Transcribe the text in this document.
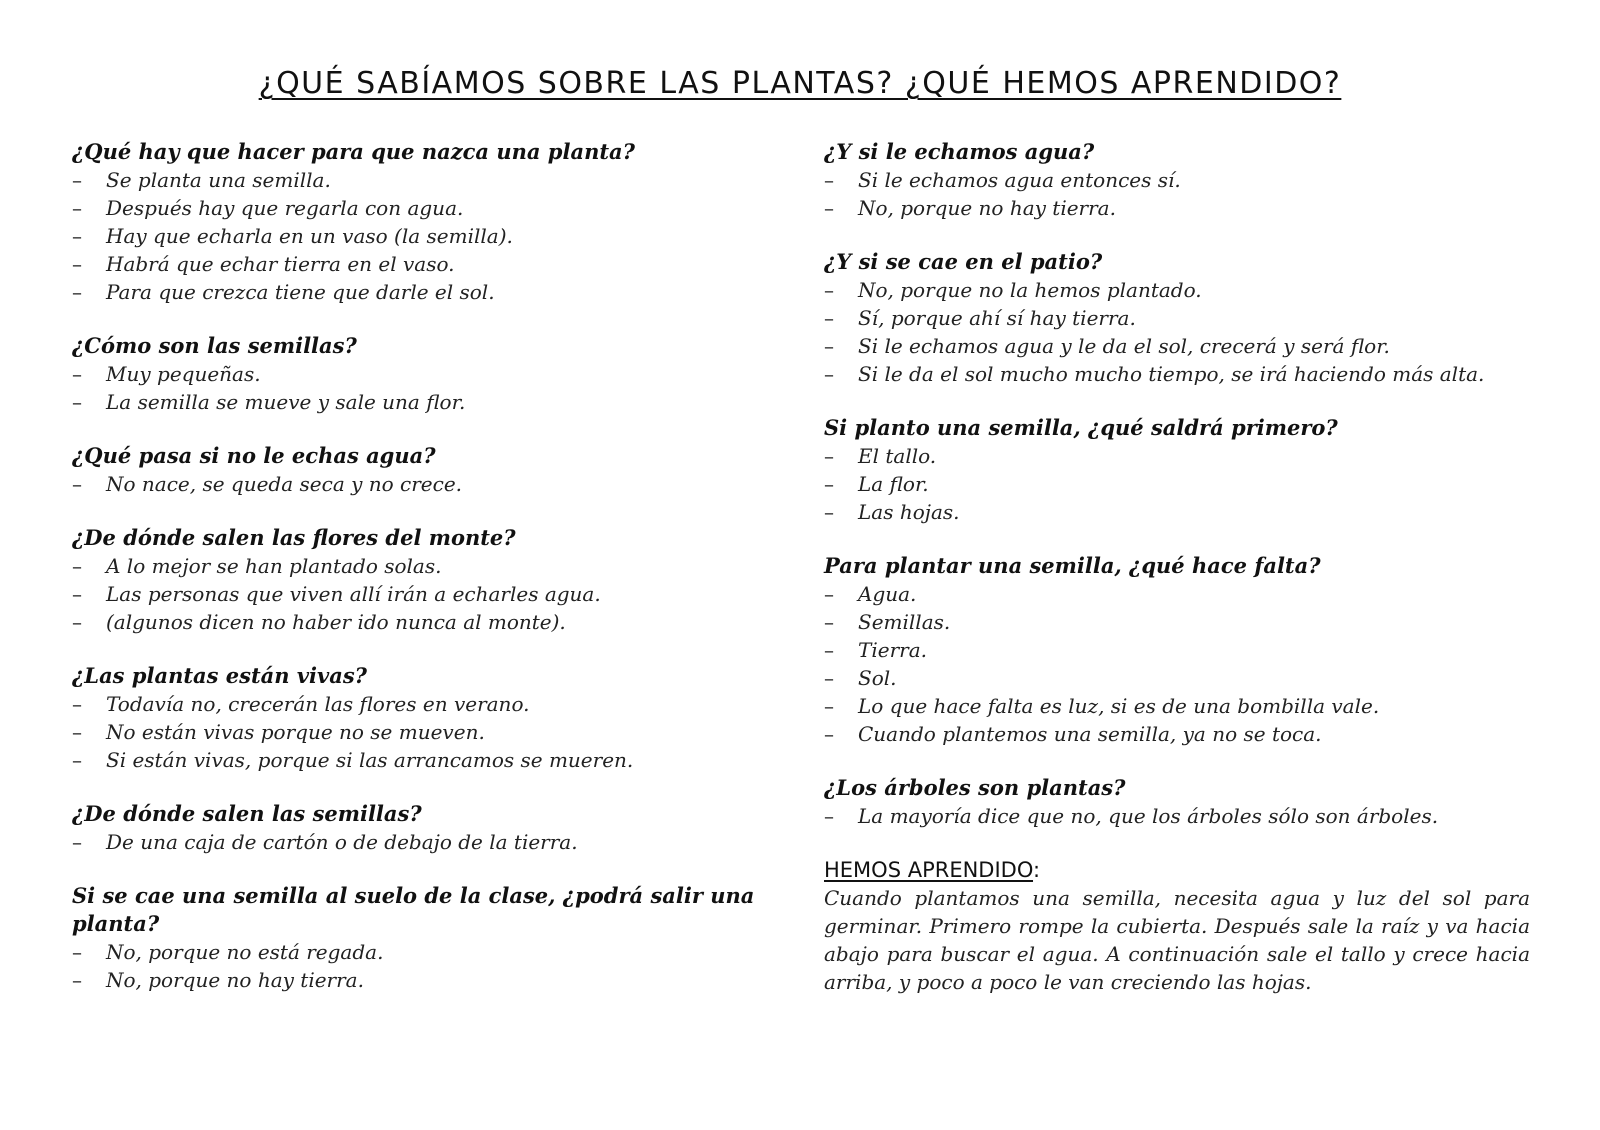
¿QUÉ SABÍAMOS SOBRE LAS PLANTAS? ¿QUÉ HEMOS APRENDIDO?

¿Qué hay que hacer para que nazca una planta?

– Se planta una semilla.
– Después hay que regarla con agua.
– Hay que echarla en un vaso (la semilla).
– Habrá que echar tierra en el vaso.
– Para que crezca tiene que darle el sol.

¿Cómo son las semillas?

– Muy pequeñas.
– La semilla se mueve y sale una flor.

¿Qué pasa si no le echas agua?

– No nace, se queda seca y no crece.

¿De dónde salen las flores del monte?

– A lo mejor se han plantado solas.
– Las personas que viven allí irán a echarles agua.
– (algunos dicen no haber ido nunca al monte).

¿Las plantas están vivas?

– Todavía no, crecerán las flores en verano.
– No están vivas porque no se mueven.
– Si están vivas, porque si las arrancamos se mueren.

¿De dónde salen las semillas?

– De una caja de cartón o de debajo de la tierra.

Si se cae una semilla al suelo de la clase, ¿podrá salir una planta?

– No, porque no está regada.
– No, porque no hay tierra.

¿Y si le echamos agua?

– Si le echamos agua entonces sí.
– No, porque no hay tierra.

¿Y si se cae en el patio?

– No, porque no la hemos plantado.
– Sí, porque ahí sí hay tierra.
– Si le echamos agua y le da el sol, crecerá y será flor.
– Si le da el sol mucho mucho tiempo, se irá haciendo más alta.

Si planto una semilla, ¿qué saldrá primero?

– El tallo.
– La flor.
– Las hojas.

Para plantar una semilla, ¿qué hace falta?

– Agua.
– Semillas.
– Tierra.
– Sol.
– Lo que hace falta es luz, si es de una bombilla vale.
– Cuando plantemos una semilla, ya no se toca.

¿Los árboles son plantas?

– La mayoría dice que no, que los árboles sólo son árboles.

HEMOS APRENDIDO:

Cuando plantamos una semilla, necesita agua y luz del sol para germinar. Primero rompe la cubierta. Después sale la raíz y va hacia abajo para buscar el agua. A continuación sale el tallo y crece hacia arriba, y poco a poco le van creciendo las hojas.
